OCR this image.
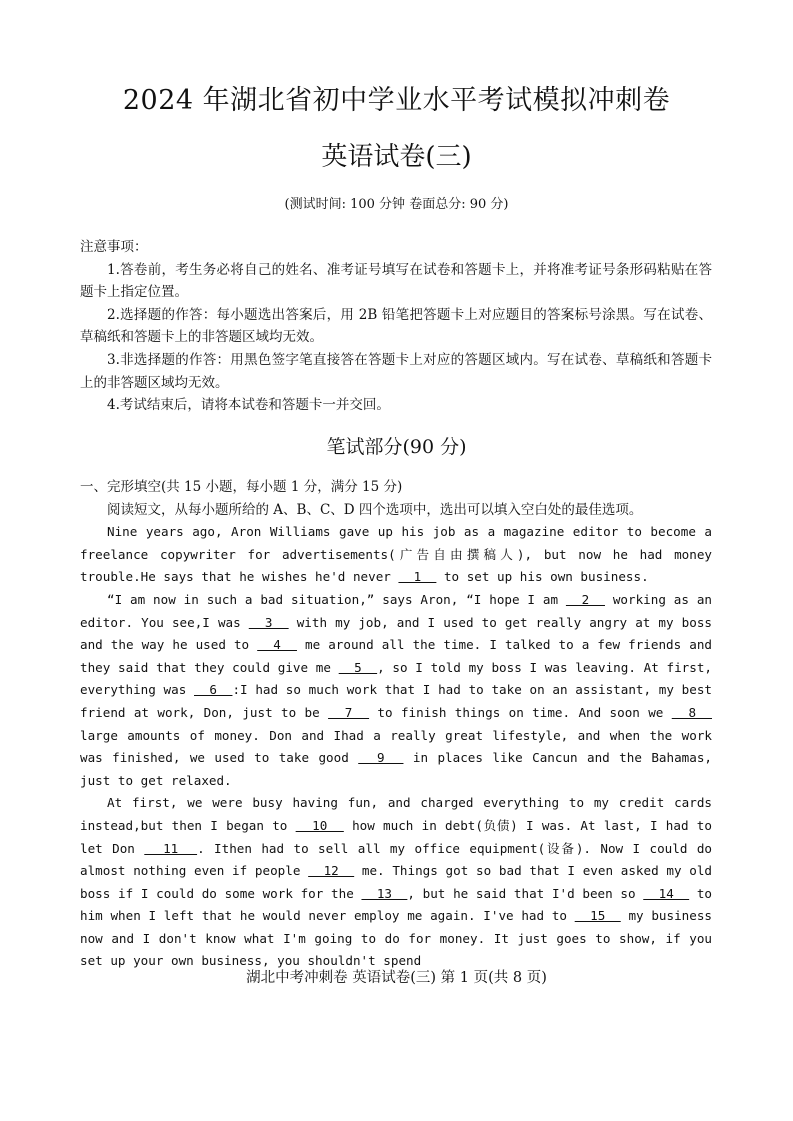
2024 年湖北省初中学业水平考试模拟冲刺卷
英语试卷(三)
(测试时间: 100 分钟 卷面总分: 90 分)

注意事项：

1.答卷前，考生务必将自己的姓名、准考证号填写在试卷和答题卡上，并将准考证号条形码粘贴在答题卡上指定位置。

2.选择题的作答：每小题选出答案后，用 2B 铅笔把答题卡上对应题目的答案标号涂黑。写在试卷、草稿纸和答题卡上的非答题区域均无效。

3.非选择题的作答：用黑色签字笔直接答在答题卡上对应的答题区域内。写在试卷、草稿纸和答题卡上的非答题区域均无效。

4.考试结束后，请将本试卷和答题卡一并交回。

笔试部分(90 分)

一、完形填空(共 15 小题，每小题 1 分，满分 15 分)

阅读短文，从每小题所给的 A、B、C、D 四个选项中，选出可以填入空白处的最佳选项。

Nine years ago, Aron Williams gave up his job as a magazine editor to become a freelance copywriter for advertisements(广告自由撰稿人), but now he had money trouble.He says that he wishes he'd never   1   to set up his own business.

“I am now in such a bad situation,” says Aron, “I hope I am   2   working as an editor. You see,I was   3   with my job, and I used to get really angry at my boss and the way he used to   4   me around all the time. I talked to a few friends and they said that they could give me   5  , so I told my boss I was leaving. At first, everything was   6  :I had so much work that I had to take on an assistant, my best friend at work, Don, just to be   7   to finish things on time. And soon we   8   large amounts of money. Don and Ihad a really great lifestyle, and when the work was finished, we used to take good   9   in places like Cancun and the Bahamas, just to get relaxed.

At first, we were busy having fun, and charged everything to my credit cards instead,but then I began to   10   how much in debt(负债) I was. At last, I had to let Don   11  . Ithen had to sell all my office equipment(设备). Now I could do almost nothing even if people   12   me. Things got so bad that I even asked my old boss if I could do some work for the   13  , but he said that I'd been so   14   to him when I left that he would never employ me again. I've had to   15   my business now and I don't know what I'm going to do for money. It just goes to show, if you set up your own business, you shouldn't spend

湖北中考冲刺卷 英语试卷(三) 第 1 页(共 8 页)
